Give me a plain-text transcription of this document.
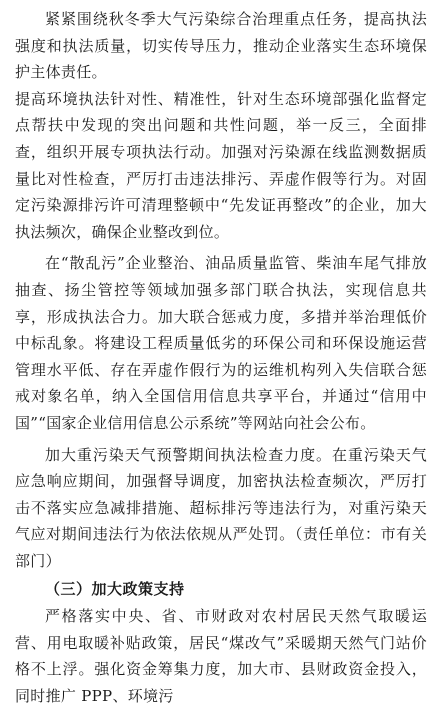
紧紧围绕秋冬季大气污染综合治理重点任务，提高执法强度和执法质量，切实传导压力，推动企业落实生态环境保护主体责任。

提高环境执法针对性、精准性，针对生态环境部强化监督定点帮扶中发现的突出问题和共性问题，举一反三，全面排查，组织开展专项执法行动。加强对污染源在线监测数据质量比对性检查，严厉打击违法排污、弄虚作假等行为。对固定污染源排污许可清理整顿中“先发证再整改”的企业，加大执法频次，确保企业整改到位。

在“散乱污”企业整治、油品质量监管、柴油车尾气排放抽查、扬尘管控等领域加强多部门联合执法，实现信息共享，形成执法合力。加大联合惩戒力度，多措并举治理低价中标乱象。将建设工程质量低劣的环保公司和环保设施运营管理水平低、存在弄虚作假行为的运维机构列入失信联合惩戒对象名单，纳入全国信用信息共享平台，并通过“信用中国”“国家企业信用信息公示系统”等网站向社会公布。

加大重污染天气预警期间执法检查力度。在重污染天气应急响应期间，加强督导调度，加密执法检查频次，严厉打击不落实应急减排措施、超标排污等违法行为，对重污染天气应对期间违法行为依法依规从严处罚。（责任单位：市有关部门）

（三）加大政策支持

严格落实中央、省、市财政对农村居民天然气取暖运营、用电取暖补贴政策，居民“煤改气”采暖期天然气门站价格不上浮。强化资金筹集力度，加大市、县财政资金投入，同时推广 PPP、环境污
